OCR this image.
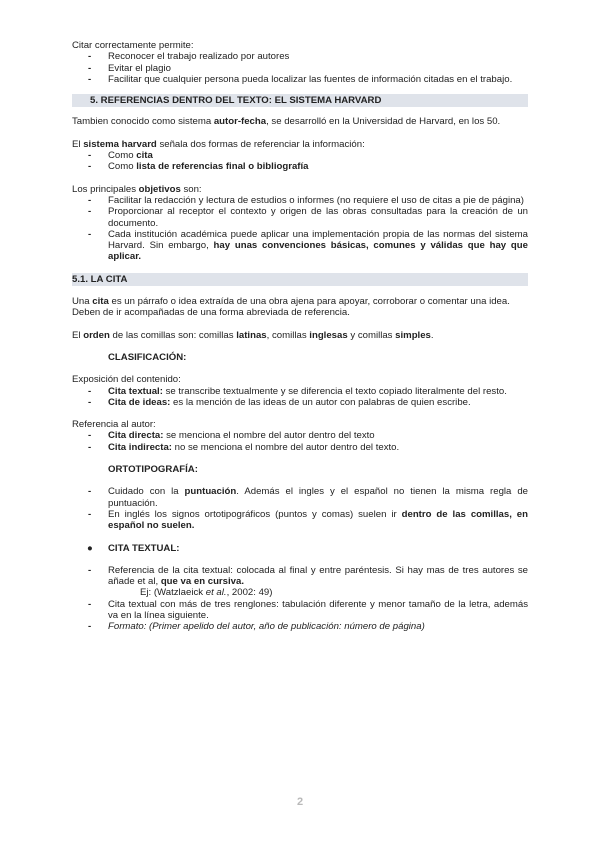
Citar correctamente permite:

- Reconocer el trabajo realizado por autores
- Evitar el plagio
- Facilitar que cualquier persona pueda localizar las fuentes de información citadas en el trabajo.
5. REFERENCIAS DENTRO DEL TEXTO: EL SISTEMA HARVARD

Tambien conocido como sistema autor-fecha, se desarrolló en la Universidad de Harvard, en los 50.

El sistema harvard señala dos formas de referenciar la información:

- Como cita
- Como lista de referencias final o bibliografía

Los principales objetivos son:

- Facilitar la redacción y lectura de estudios o informes (no requiere el uso de citas a pie de página)
- Proporcionar al receptor el contexto y origen de las obras consultadas para la creación de un documento.
- Cada institución académica puede aplicar una implementación propia de las normas del sistema Harvard. Sin embargo, hay unas convenciones básicas, comunes y válidas que hay que aplicar.
5.1. LA CITA

Una cita es un párrafo o idea extraída de una obra ajena para apoyar, corroborar o comentar una idea.

Deben de ir acompañadas de una forma abreviada de referencia.

El orden de las comillas son: comillas latinas, comillas inglesas y comillas simples.

CLASIFICACIÓN:

Exposición del contenido:

- Cita textual: se transcribe textualmente y se diferencia el texto copiado literalmente del resto.
- Cita de ideas: es la mención de las ideas de un autor con palabras de quien escribe.

Referencia al autor:

- Cita directa: se menciona el nombre del autor dentro del texto
- Cita indirecta: no se menciona el nombre del autor dentro del texto.
ORTOTIPOGRAFÍA:
- Cuidado con la puntuación. Además el ingles y el español no tienen la misma regla de puntuación.
- En inglés los signos ortotipográficos (puntos y comas) suelen ir dentro de las comillas, en español no suelen.
● CITA TEXTUAL:
- Referencia de la cita textual: colocada al final y entre paréntesis. Si hay mas de tres autores se añade et al, que va en cursiva.

Ej: (Watzlaeick et al., 2002: 49)

- Cita textual con más de tres renglones: tabulación diferente y menor tamaño de la letra, además va en la línea siguiente.
- Formato: (Primer apelido del autor, año de publicación: número de página)
2
